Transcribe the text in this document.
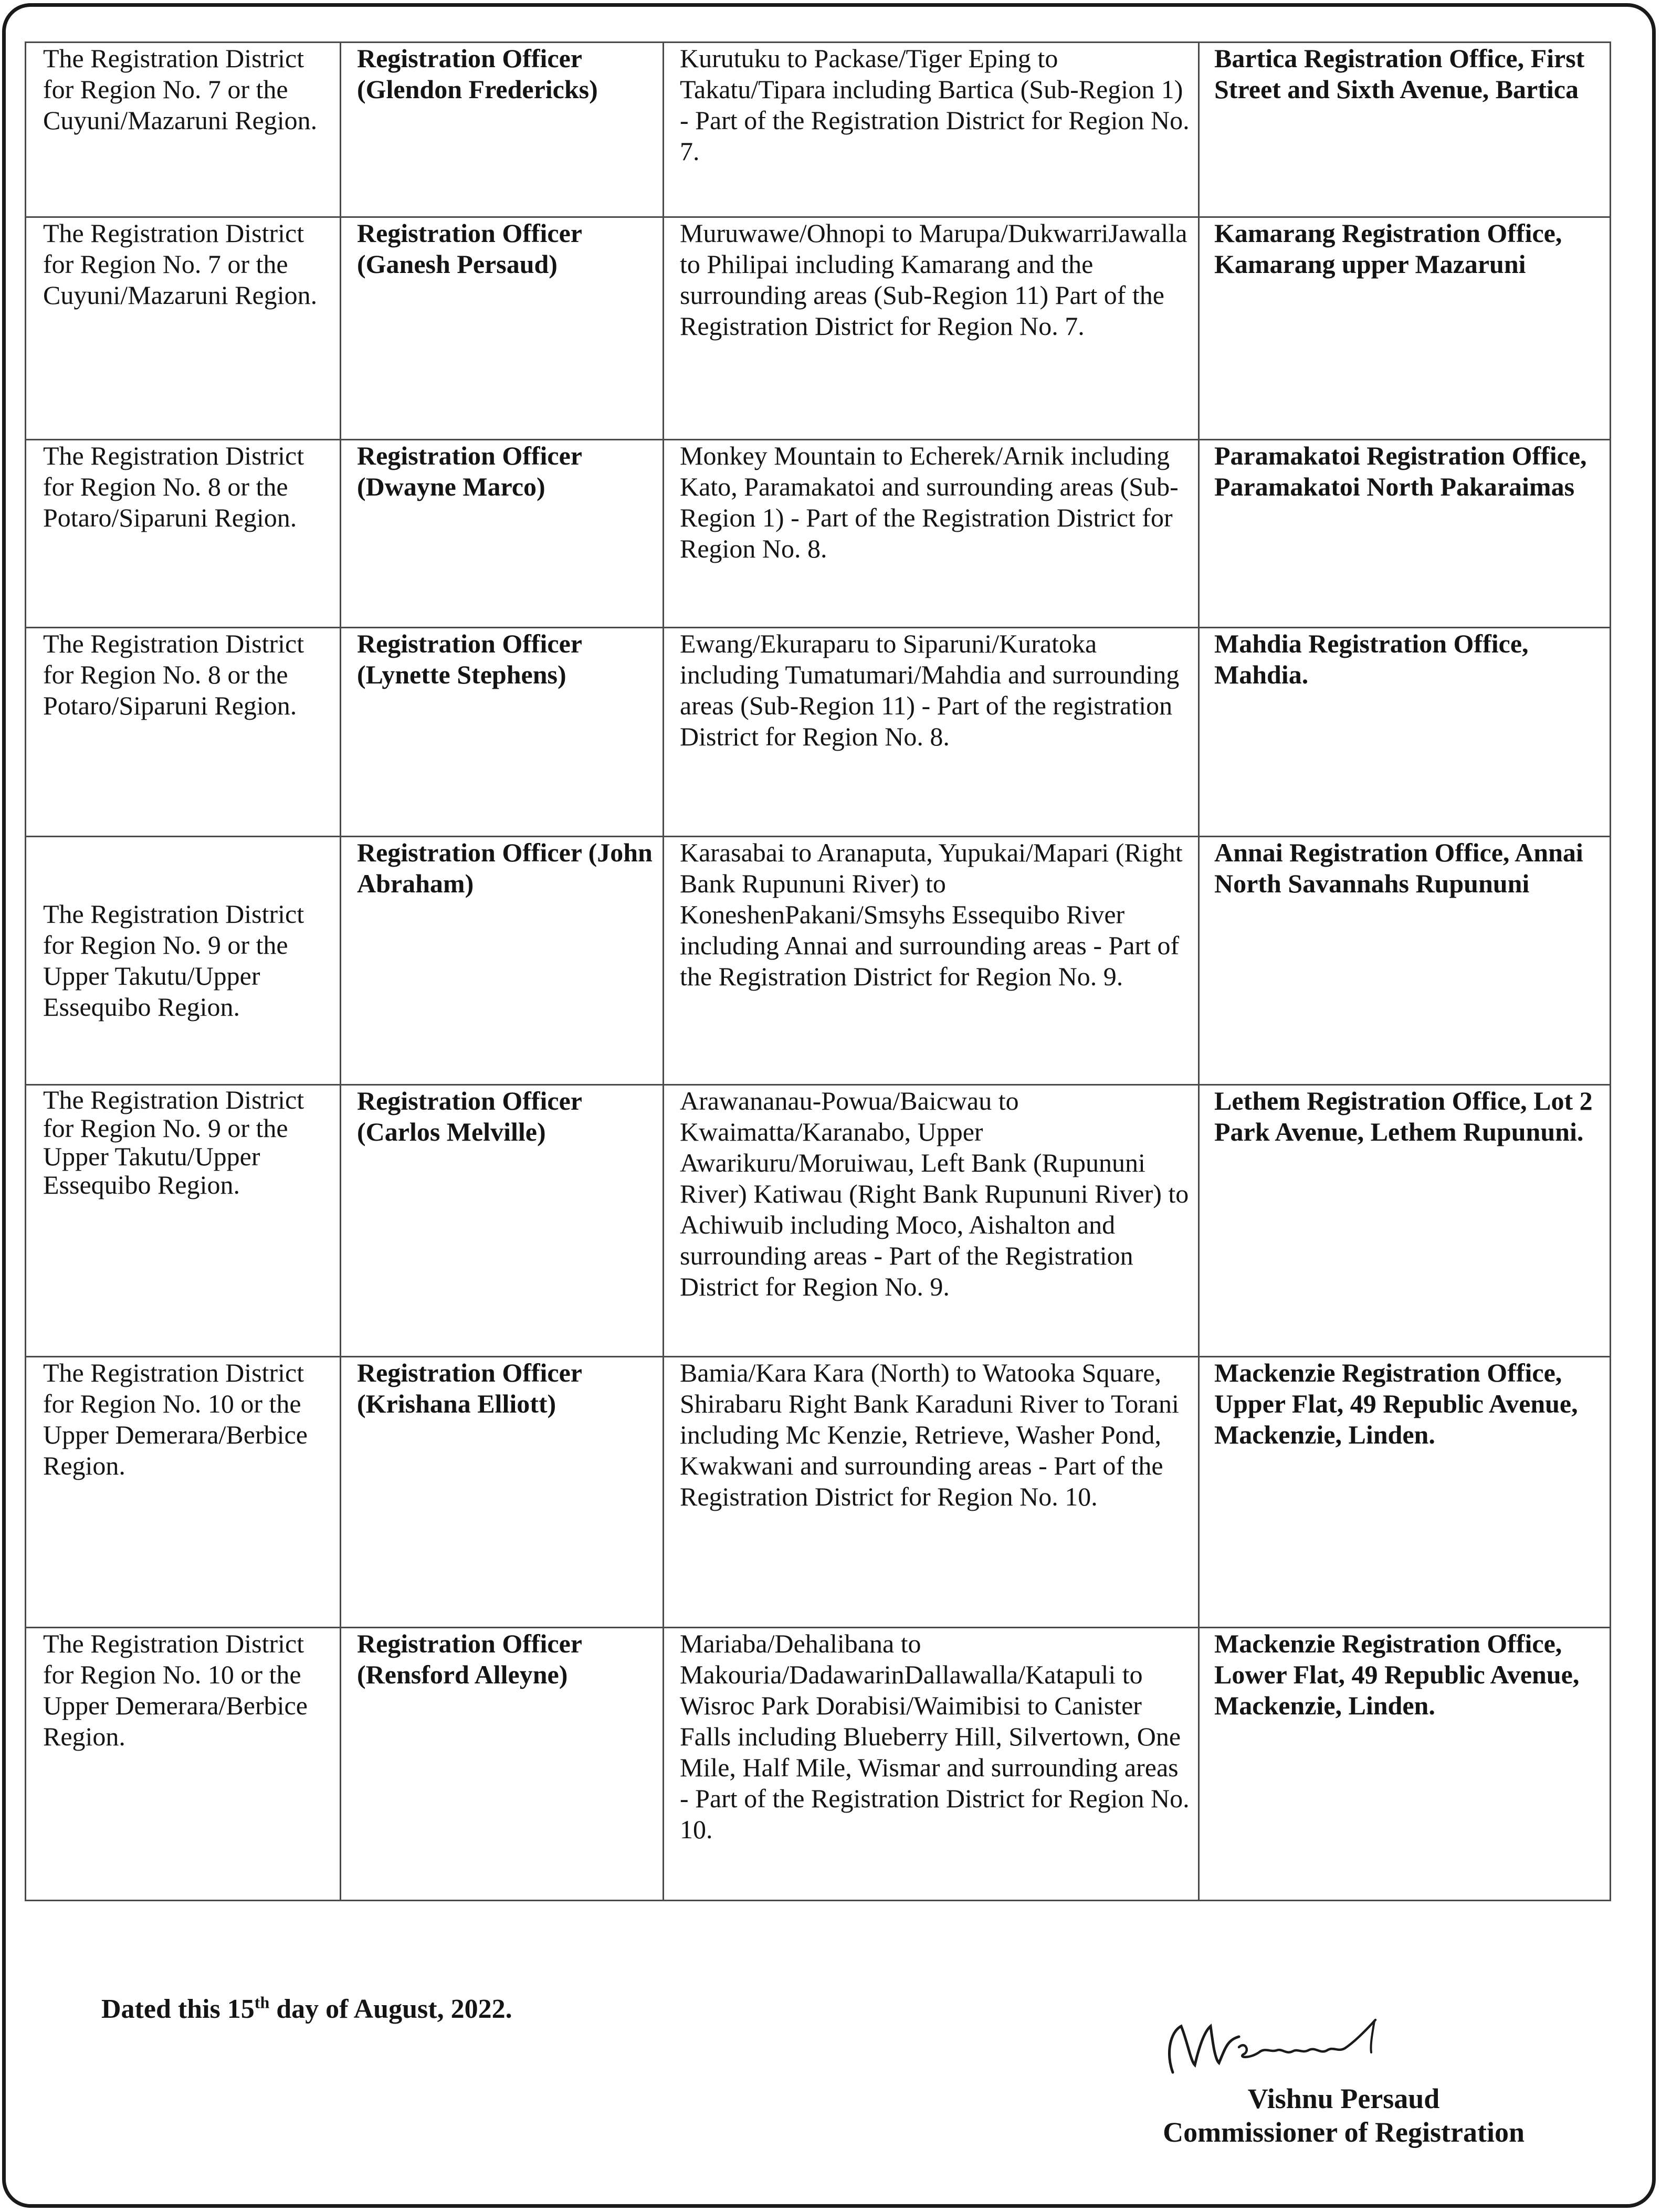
The Registration District for Region No. 7 or the Cuyuni/Mazaruni Region.	Registration Officer (Glendon Fredericks)	Kurutuku to Packase/Tiger Eping to Takatu/Tipara including Bartica (Sub-Region 1) - Part of the Registration District for Region No. 7.	Bartica Registration Office, First Street and Sixth Avenue, Bartica

The Registration District for Region No. 7 or the Cuyuni/Mazaruni Region.	Registration Officer (Ganesh Persaud)	Muruwawe/Ohnopi to Marupa/DukwarriJawalla to Philipai including Kamarang and the surrounding areas (Sub-Region 11) Part of the Registration District for Region No. 7.	Kamarang Registration Office, Kamarang upper Mazaruni

The Registration District for Region No. 8 or the Potaro/Siparuni Region.	Registration Officer (Dwayne Marco)	Monkey Mountain to Echerek/Arnik including Kato, Paramakatoi and surrounding areas (Sub-Region 1) - Part of the Registration District for Region No. 8.	Paramakatoi Registration Office, Paramakatoi North Pakaraimas

The Registration District for Region No. 8 or the Potaro/Siparuni Region.	Registration Officer (Lynette Stephens)	Ewang/Ekuraparu to Siparuni/Kuratoka including Tumatumari/Mahdia and surrounding areas (Sub-Region 11) - Part of the registration District for Region No. 8.	Mahdia Registration Office, Mahdia.

The Registration District for Region No. 9 or the Upper Takutu/Upper Essequibo Region.	Registration Officer (John Abraham)	Karasabai to Aranaputa, Yupukai/Mapari (Right Bank Rupununi River) to KoneshenPakani/Smsyhs Essequibo River including Annai and surrounding areas - Part of the Registration District for Region No. 9.	Annai Registration Office, Annai North Savannahs Rupununi

The Registration District for Region No. 9 or the Upper Takutu/Upper Essequibo Region.	Registration Officer (Carlos Melville)	Arawananau-Powua/Baicwau to Kwaimatta/Karanabo, Upper Awarikuru/Moruiwau, Left Bank (Rupununi River) Katiwau (Right Bank Rupununi River) to Achiwuib including Moco, Aishalton and surrounding areas - Part of the Registration District for Region No. 9.	Lethem Registration Office, Lot 2 Park Avenue, Lethem Rupununi.

The Registration District for Region No. 10 or the Upper Demerara/Berbice Region.	Registration Officer (Krishana Elliott)	Bamia/Kara Kara (North) to Watooka Square, Shirabaru Right Bank Karaduni River to Torani including Mc Kenzie, Retrieve, Washer Pond, Kwakwani and surrounding areas - Part of the Registration District for Region No. 10.	Mackenzie Registration Office, Upper Flat, 49 Republic Avenue, Mackenzie, Linden.

The Registration District for Region No. 10 or the Upper Demerara/Berbice Region.	Registration Officer (Rensford Alleyne)	Mariaba/Dehalibana to Makouria/DadawarinDallawalla/Katapuli to Wisroc Park Dorabisi/Waimibisi to Canister Falls including Blueberry Hill, Silvertown, One Mile, Half Mile, Wismar and surrounding areas - Part of the Registration District for Region No. 10.	Mackenzie Registration Office, Lower Flat, 49 Republic Avenue, Mackenzie, Linden.
Dated this 15th day of August, 2022.
Vishnu Persaud
Commissioner of Registration
